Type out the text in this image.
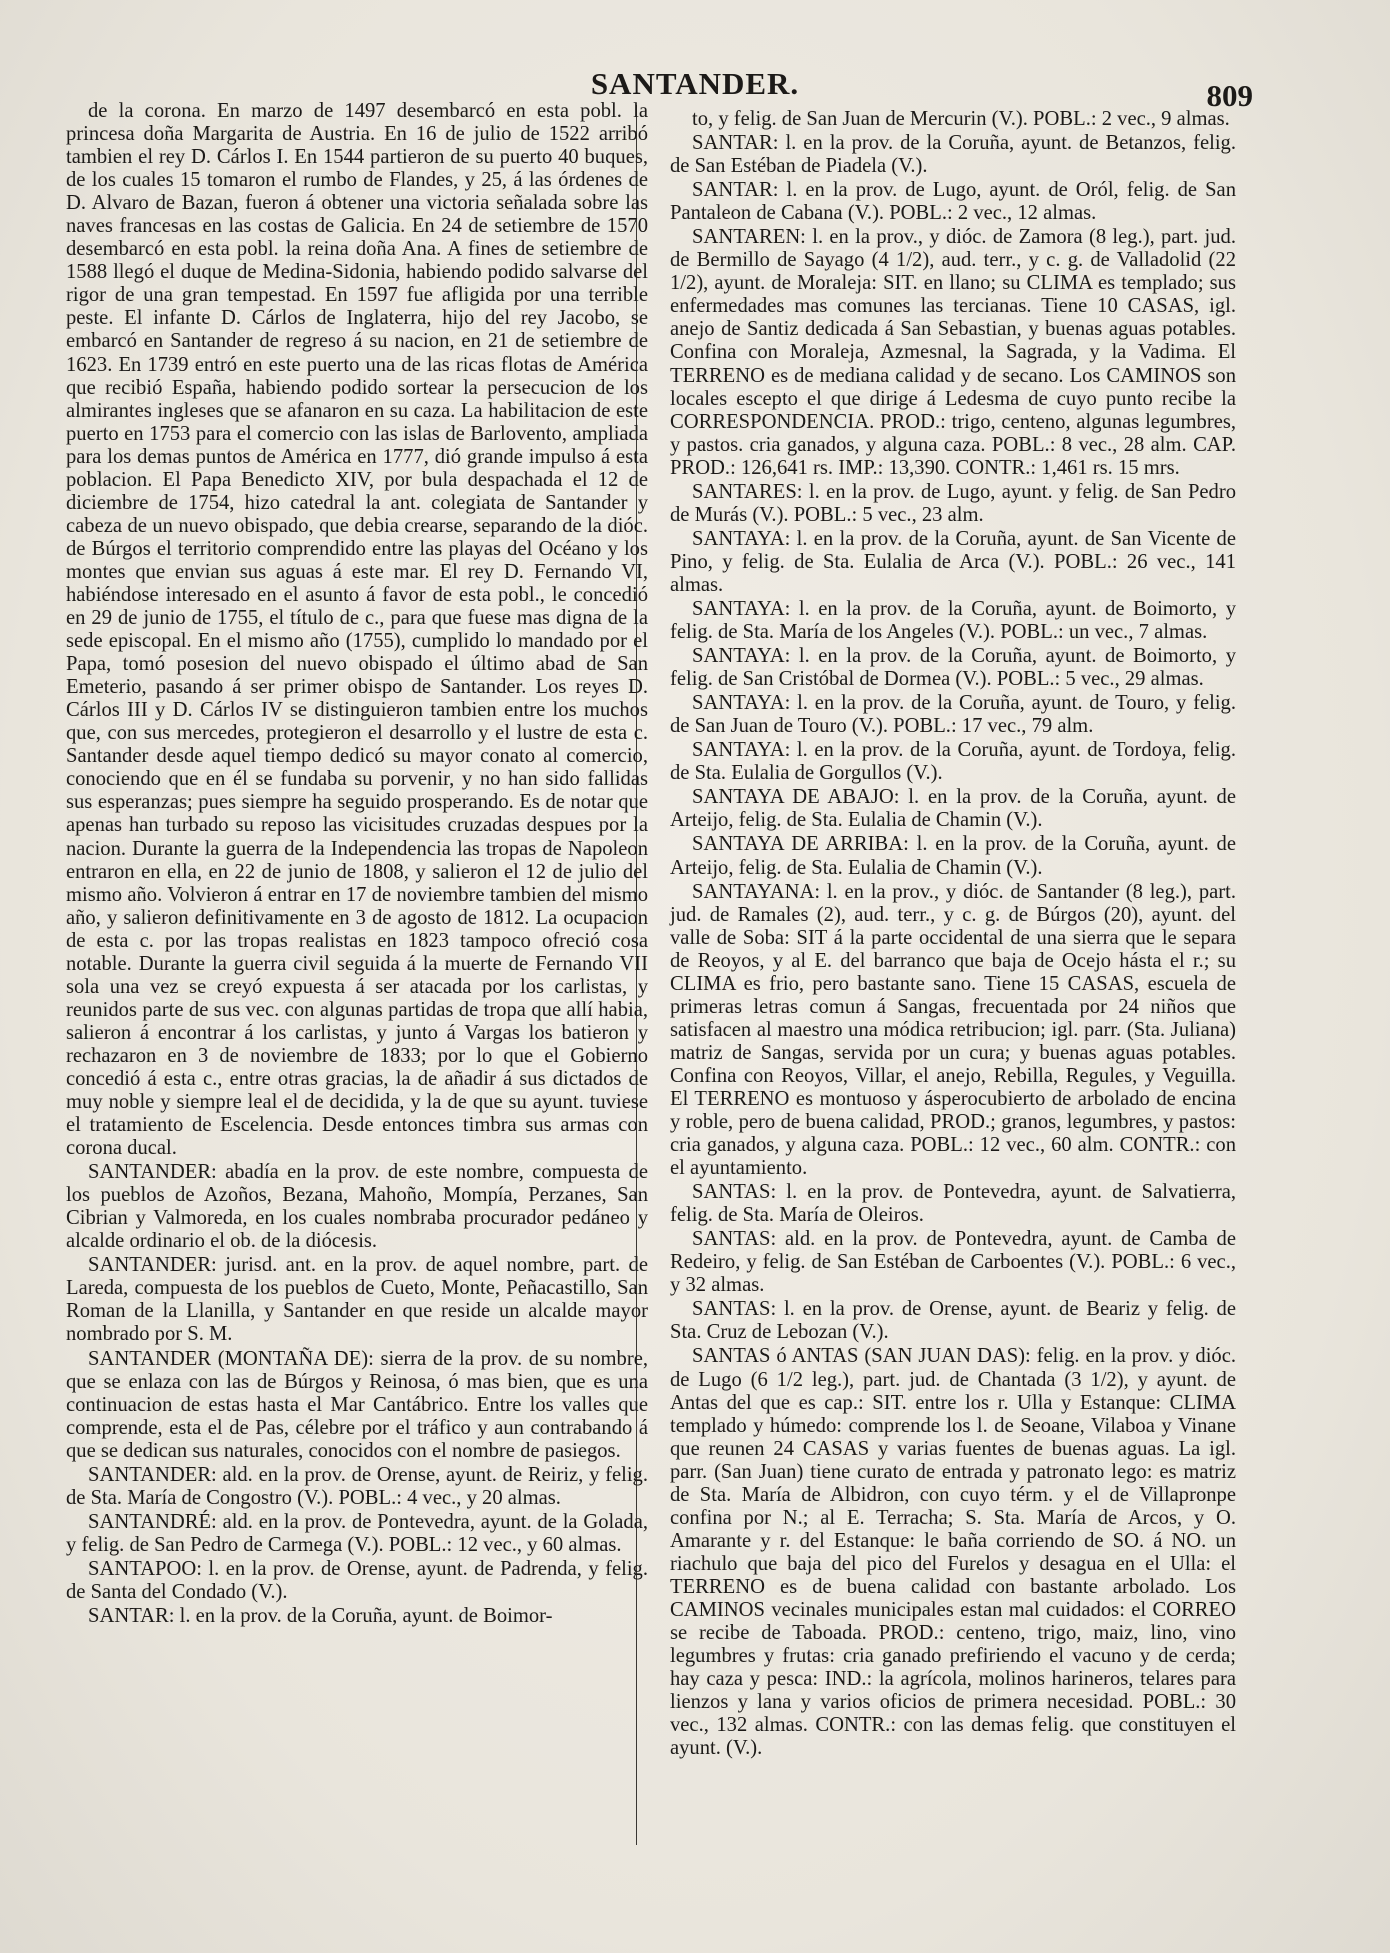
SANTANDER.	809

de la corona. En marzo de 1497 desembarcó en esta pobl. la princesa doña Margarita de Austria. En 16 de julio de 1522 arribó tambien el rey D. Cárlos I. En 1544 partieron de su puerto 40 buques, de los cuales 15 tomaron el rumbo de Flandes, y 25, á las órdenes de D. Alvaro de Bazan, fueron á obtener una victoria señalada sobre las naves francesas en las costas de Galicia. En 24 de setiembre de 1570 desembarcó en esta pobl. la reina doña Ana. A fines de setiembre de 1588 llegó el duque de Medina-Sidonia, habiendo podido salvarse del rigor de una gran tempestad. En 1597 fue afligida por una terrible peste. El infante D. Cárlos de Inglaterra, hijo del rey Jacobo, se embarcó en Santander de regreso á su nacion, en 21 de setiembre de 1623. En 1739 entró en este puerto una de las ricas flotas de América que recibió España, habiendo podido sortear la persecucion de los almirantes ingleses que se afanaron en su caza. La habilitacion de este puerto en 1753 para el comercio con las islas de Barlovento, ampliada para los demas puntos de América en 1777, dió grande impulso á esta poblacion. El Papa Benedicto XIV, por bula despachada el 12 de diciembre de 1754, hizo catedral la ant. colegiata de Santander y cabeza de un nuevo obispado, que debia crearse, separando de la dióc. de Búrgos el territorio comprendido entre las playas del Océano y los montes que envian sus aguas á este mar. El rey D. Fernando VI, habiéndose interesado en el asunto á favor de esta pobl., le concedió en 29 de junio de 1755, el título de c., para que fuese mas digna de la sede episcopal. En el mismo año (1755), cumplido lo mandado por el Papa, tomó posesion del nuevo obispado el último abad de San Emeterio, pasando á ser primer obispo de Santander. Los reyes D. Cárlos III y D. Cárlos IV se distinguieron tambien entre los muchos que, con sus mercedes, protegieron el desarrollo y el lustre de esta c. Santander desde aquel tiempo dedicó su mayor conato al comercio, conociendo que en él se fundaba su porvenir, y no han sido fallidas sus esperanzas; pues siempre ha seguido prosperando. Es de notar que apenas han turbado su reposo las vicisitudes cruzadas despues por la nacion. Durante la guerra de la Independencia las tropas de Napoleon entraron en ella, en 22 de junio de 1808, y salieron el 12 de julio del mismo año. Volvieron á entrar en 17 de noviembre tambien del mismo año, y salieron definitivamente en 3 de agosto de 1812. La ocupacion de esta c. por las tropas realistas en 1823 tampoco ofreció cosa notable. Durante la guerra civil seguida á la muerte de Fernando VII sola una vez se creyó expuesta á ser atacada por los carlistas, y reunidos parte de sus vec. con algunas partidas de tropa que allí habia, salieron á encontrar á los carlistas, y junto á Vargas los batieron y rechazaron en 3 de noviembre de 1833; por lo que el Gobierno concedió á esta c., entre otras gracias, la de añadir á sus dictados de muy noble y siempre leal el de decidida, y la de que su ayunt. tuviese el tratamiento de Escelencia. Desde entonces timbra sus armas con corona ducal.

SANTANDER: abadía en la prov. de este nombre, compuesta de los pueblos de Azoños, Bezana, Mahoño, Mompía, Perzanes, San Cibrian y Valmoreda, en los cuales nombraba procurador pedáneo y alcalde ordinario el ob. de la diócesis.

SANTANDER: jurisd. ant. en la prov. de aquel nombre, part. de Lareda, compuesta de los pueblos de Cueto, Monte, Peñacastillo, San Roman de la Llanilla, y Santander en que reside un alcalde mayor nombrado por S. M.

SANTANDER (MONTAÑA DE): sierra de la prov. de su nombre, que se enlaza con las de Búrgos y Reinosa, ó mas bien, que es una continuacion de estas hasta el Mar Cantábrico. Entre los valles que comprende, esta el de Pas, célebre por el tráfico y aun contrabando á que se dedican sus naturales, conocidos con el nombre de pasiegos.

SANTANDER: ald. en la prov. de Orense, ayunt. de Reiriz, y felig. de Sta. María de Congostro (V.). POBL.: 4 vec., y 20 almas.

SANTANDRÉ: ald. en la prov. de Pontevedra, ayunt. de la Golada, y felig. de San Pedro de Carmega (V.). POBL.: 12 vec., y 60 almas.

SANTAPOO: l. en la prov. de Orense, ayunt. de Padrenda, y felig. de Santa del Condado (V.).

SANTAR: l. en la prov. de la Coruña, ayunt. de Boimor-

to, y felig. de San Juan de Mercurin (V.). POBL.: 2 vec., 9 almas.

SANTAR: l. en la prov. de la Coruña, ayunt. de Betanzos, felig. de San Estéban de Piadela (V.).

SANTAR: l. en la prov. de Lugo, ayunt. de Oról, felig. de San Pantaleon de Cabana (V.). POBL.: 2 vec., 12 almas.

SANTAREN: l. en la prov., y dióc. de Zamora (8 leg.), part. jud. de Bermillo de Sayago (4 1/2), aud. terr., y c. g. de Valladolid (22 1/2), ayunt. de Moraleja: SIT. en llano; su CLIMA es templado; sus enfermedades mas comunes las tercianas. Tiene 10 CASAS, igl. anejo de Santiz dedicada á San Sebastian, y buenas aguas potables. Confina con Moraleja, Azmesnal, la Sagrada, y la Vadima. El TERRENO es de mediana calidad y de secano. Los CAMINOS son locales escepto el que dirige á Ledesma de cuyo punto recibe la CORRESPONDENCIA. PROD.: trigo, centeno, algunas legumbres, y pastos. cria ganados, y alguna caza. POBL.: 8 vec., 28 alm. CAP. PROD.: 126,641 rs. IMP.: 13,390. CONTR.: 1,461 rs. 15 mrs.

SANTARES: l. en la prov. de Lugo, ayunt. y felig. de San Pedro de Murás (V.). POBL.: 5 vec., 23 alm.

SANTAYA: l. en la prov. de la Coruña, ayunt. de San Vicente de Pino, y felig. de Sta. Eulalia de Arca (V.). POBL.: 26 vec., 141 almas.

SANTAYA: l. en la prov. de la Coruña, ayunt. de Boimorto, y felig. de Sta. María de los Angeles (V.). POBL.: un vec., 7 almas.

SANTAYA: l. en la prov. de la Coruña, ayunt. de Boimorto, y felig. de San Cristóbal de Dormea (V.). POBL.: 5 vec., 29 almas.

SANTAYA: l. en la prov. de la Coruña, ayunt. de Touro, y felig. de San Juan de Touro (V.). POBL.: 17 vec., 79 alm.

SANTAYA: l. en la prov. de la Coruña, ayunt. de Tordoya, felig. de Sta. Eulalia de Gorgullos (V.).

SANTAYA DE ABAJO: l. en la prov. de la Coruña, ayunt. de Arteijo, felig. de Sta. Eulalia de Chamin (V.).

SANTAYA DE ARRIBA: l. en la prov. de la Coruña, ayunt. de Arteijo, felig. de Sta. Eulalia de Chamin (V.).

SANTAYANA: l. en la prov., y dióc. de Santander (8 leg.), part. jud. de Ramales (2), aud. terr., y c. g. de Búrgos (20), ayunt. del valle de Soba: SIT á la parte occidental de una sierra que le separa de Reoyos, y al E. del barranco que baja de Ocejo hásta el r.; su CLIMA es frio, pero bastante sano. Tiene 15 CASAS, escuela de primeras letras comun á Sangas, frecuentada por 24 niños que satisfacen al maestro una módica retribucion; igl. parr. (Sta. Juliana) matriz de Sangas, servida por un cura; y buenas aguas potables. Confina con Reoyos, Villar, el anejo, Rebilla, Regules, y Veguilla. El TERRENO es montuoso y ásperocubierto de arbolado de encina y roble, pero de buena calidad, PROD.; granos, legumbres, y pastos: cria ganados, y alguna caza. POBL.: 12 vec., 60 alm. CONTR.: con el ayuntamiento.

SANTAS: l. en la prov. de Pontevedra, ayunt. de Salvatierra, felig. de Sta. María de Oleiros.

SANTAS: ald. en la prov. de Pontevedra, ayunt. de Camba de Redeiro, y felig. de San Estéban de Carboentes (V.). POBL.: 6 vec., y 32 almas.

SANTAS: l. en la prov. de Orense, ayunt. de Beariz y felig. de Sta. Cruz de Lebozan (V.).

SANTAS ó ANTAS (SAN JUAN DAS): felig. en la prov. y dióc. de Lugo (6 1/2 leg.), part. jud. de Chantada (3 1/2), y ayunt. de Antas del que es cap.: SIT. entre los r. Ulla y Estanque: CLIMA templado y húmedo: comprende los l. de Seoane, Vilaboa y Vinane que reunen 24 CASAS y varias fuentes de buenas aguas. La igl. parr. (San Juan) tiene curato de entrada y patronato lego: es matriz de Sta. María de Albidron, con cuyo térm. y el de Villapronpe confina por N.; al E. Terracha; S. Sta. María de Arcos, y O. Amarante y r. del Estanque: le baña corriendo de SO. á NO. un riachulo que baja del pico del Furelos y desagua en el Ulla: el TERRENO es de buena calidad con bastante arbolado. Los CAMINOS vecinales municipales estan mal cuidados: el CORREO se recibe de Taboada. PROD.: centeno, trigo, maiz, lino, vino legumbres y frutas: cria ganado prefiriendo el vacuno y de cerda; hay caza y pesca: IND.: la agrícola, molinos harineros, telares para lienzos y lana y varios oficios de primera necesidad. POBL.: 30 vec., 132 almas. CONTR.: con las demas felig. que constituyen el ayunt. (V.).
